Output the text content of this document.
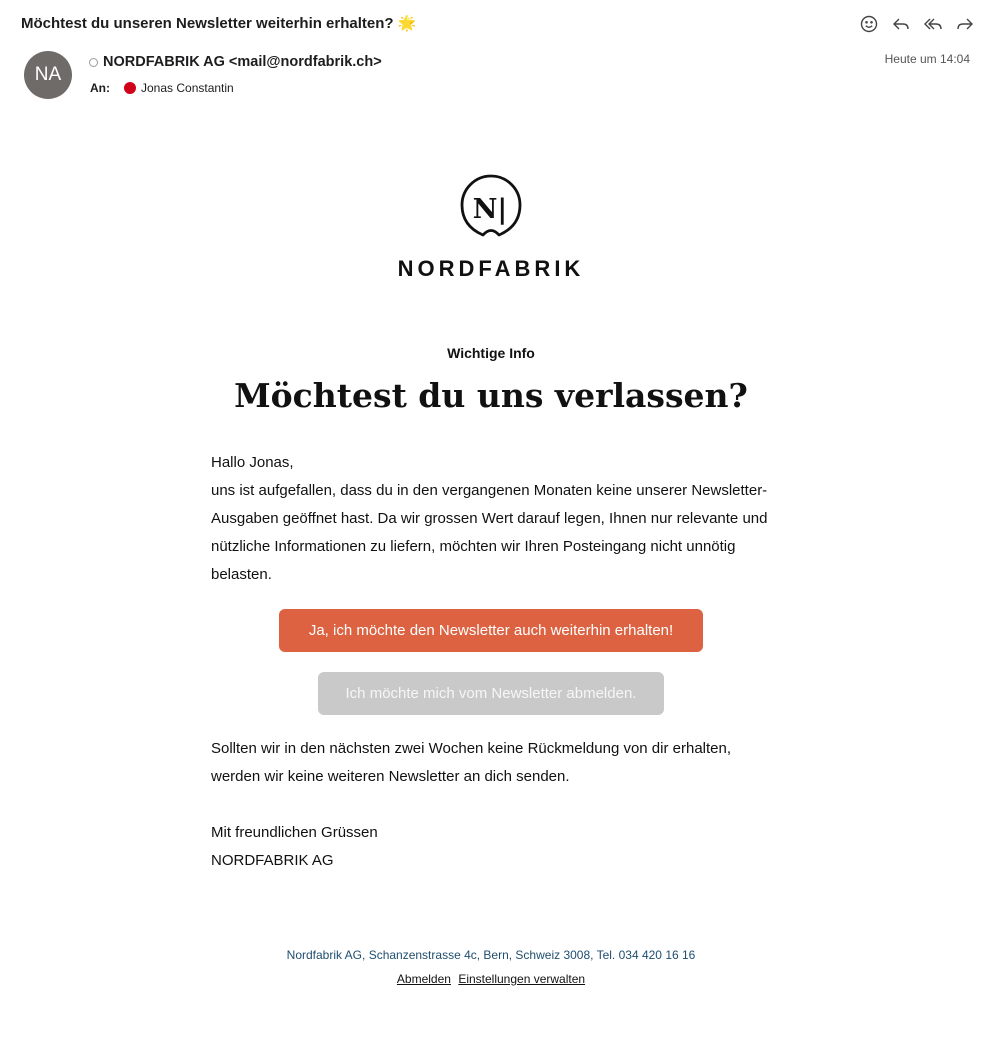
Möchtest du unseren Newsletter weiterhin erhalten? 🌟
NA
NORDFABRIK AG <mail@nordfabrik.ch>
An:	Jonas Constantin
Heute um 14:04
N|
NORDFABRIK
Wichtige Info
Möchtest du uns verlassen?
Hallo Jonas,
uns ist aufgefallen, dass du in den vergangenen Monaten keine unserer Newsletter-Ausgaben geöffnet hast. Da wir grossen Wert darauf legen, Ihnen nur relevante und nützliche Informationen zu liefern, möchten wir Ihren Posteingang nicht unnötig belasten.
Ja, ich möchte den Newsletter auch weiterhin erhalten!
Ich möchte mich vom Newsletter abmelden.
Sollten wir in den nächsten zwei Wochen keine Rückmeldung von dir erhalten, werden wir keine weiteren Newsletter an dich senden.
Mit freundlichen Grüssen
NORDFABRIK AG
Nordfabrik AG, Schanzenstrasse 4c, Bern, Schweiz 3008, Tel. 034 420 16 16
Abmelden Einstellungen verwalten
